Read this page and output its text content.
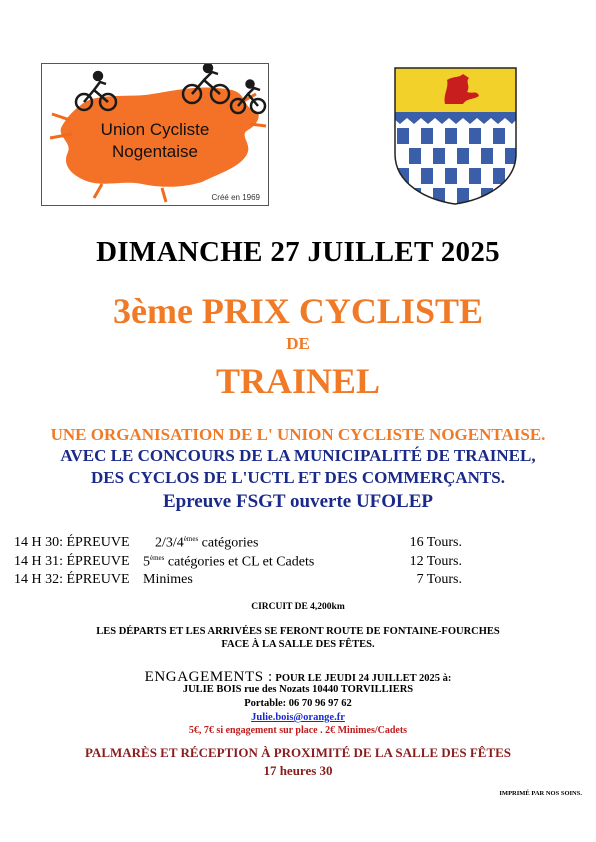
Union Cycliste
Nogentaise
Créé en 1969
DIMANCHE 27 JUILLET 2025
3ème PRIX CYCLISTE
DE
TRAINEL
UNE ORGANISATION DE L' UNION CYCLISTE NOGENTAISE.
AVEC LE CONCOURS DE LA MUNICIPALITÉ DE TRAINEL,
DES CYCLOS DE L'UCTL ET DES COMMERÇANTS.
Epreuve FSGT ouverte UFOLEP
14 H 30: ÉPREUVE 2/3/4èmes catégories	16 Tours.
14 H 31: ÉPREUVE 5èmes catégories et CL et Cadets	12 Tours.
14 H 32: ÉPREUVE Minimes	7 Tours.
CIRCUIT DE 4,200km
LES DÉPARTS ET LES ARRIVÉES SE FERONT ROUTE DE FONTAINE-FOURCHES
FACE À LA SALLE DES FÊTES.
ENGAGEMENTS : POUR LE JEUDI 24 JUILLET 2025 à:
JULIE BOIS rue des Nozats 10440 TORVILLIERS
Portable: 06 70 96 97 62
Julie.bois@orange.fr
5€, 7€ si engagement sur place . 2€ Minimes/Cadets
PALMARÈS ET RÉCEPTION À PROXIMITÉ DE LA SALLE DES FÊTES
17 heures 30
IMPRIMÉ PAR NOS SOINS.
